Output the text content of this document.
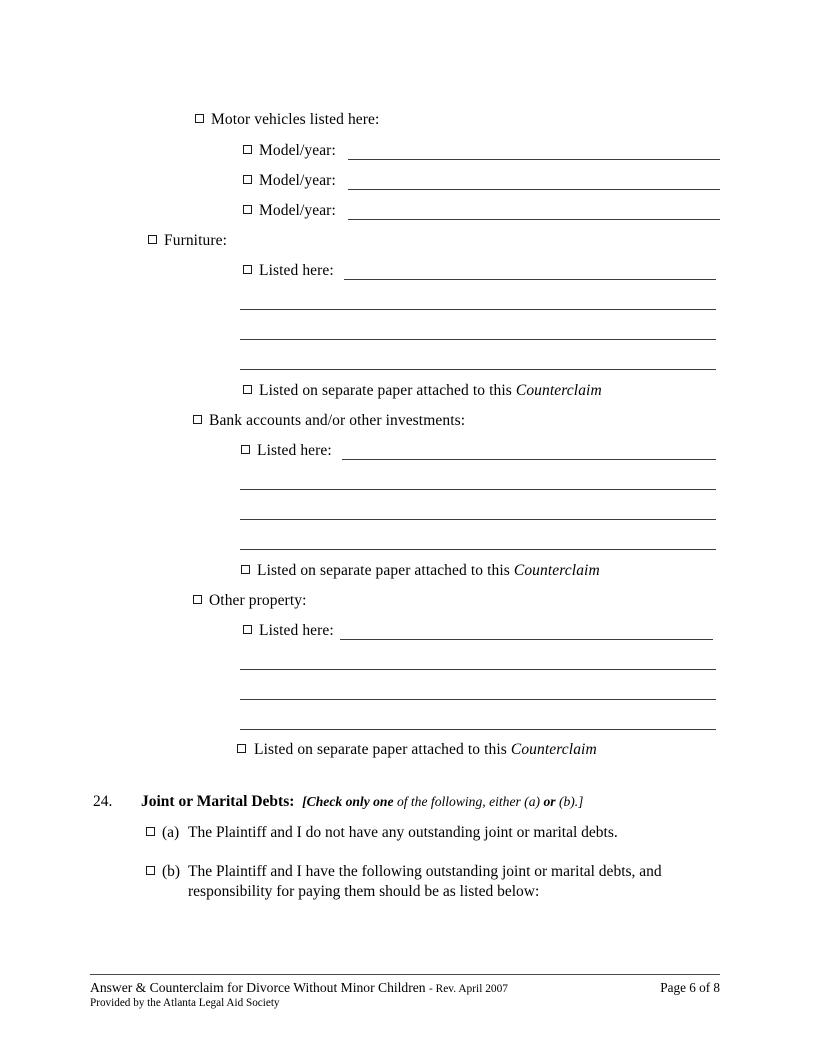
Motor vehicles listed here:
Model/year:
Model/year:
Model/year:
Furniture:
Listed here:
Listed on separate paper attached to this Counterclaim
Bank accounts and/or other investments:
Listed here:
Listed on separate paper attached to this Counterclaim
Other property:
Listed here:
Listed on separate paper attached to this Counterclaim
24. Joint or Marital Debts: [Check only one of the following, either (a) or (b).]
(a) The Plaintiff and I do not have any outstanding joint or marital debts.
(b) The Plaintiff and I have the following outstanding joint or marital debts, and responsibility for paying them should be as listed below:
Answer & Counterclaim for Divorce Without Minor Children - Rev. April 2007
Provided by the Atlanta Legal Aid Society
Page 6 of 8
